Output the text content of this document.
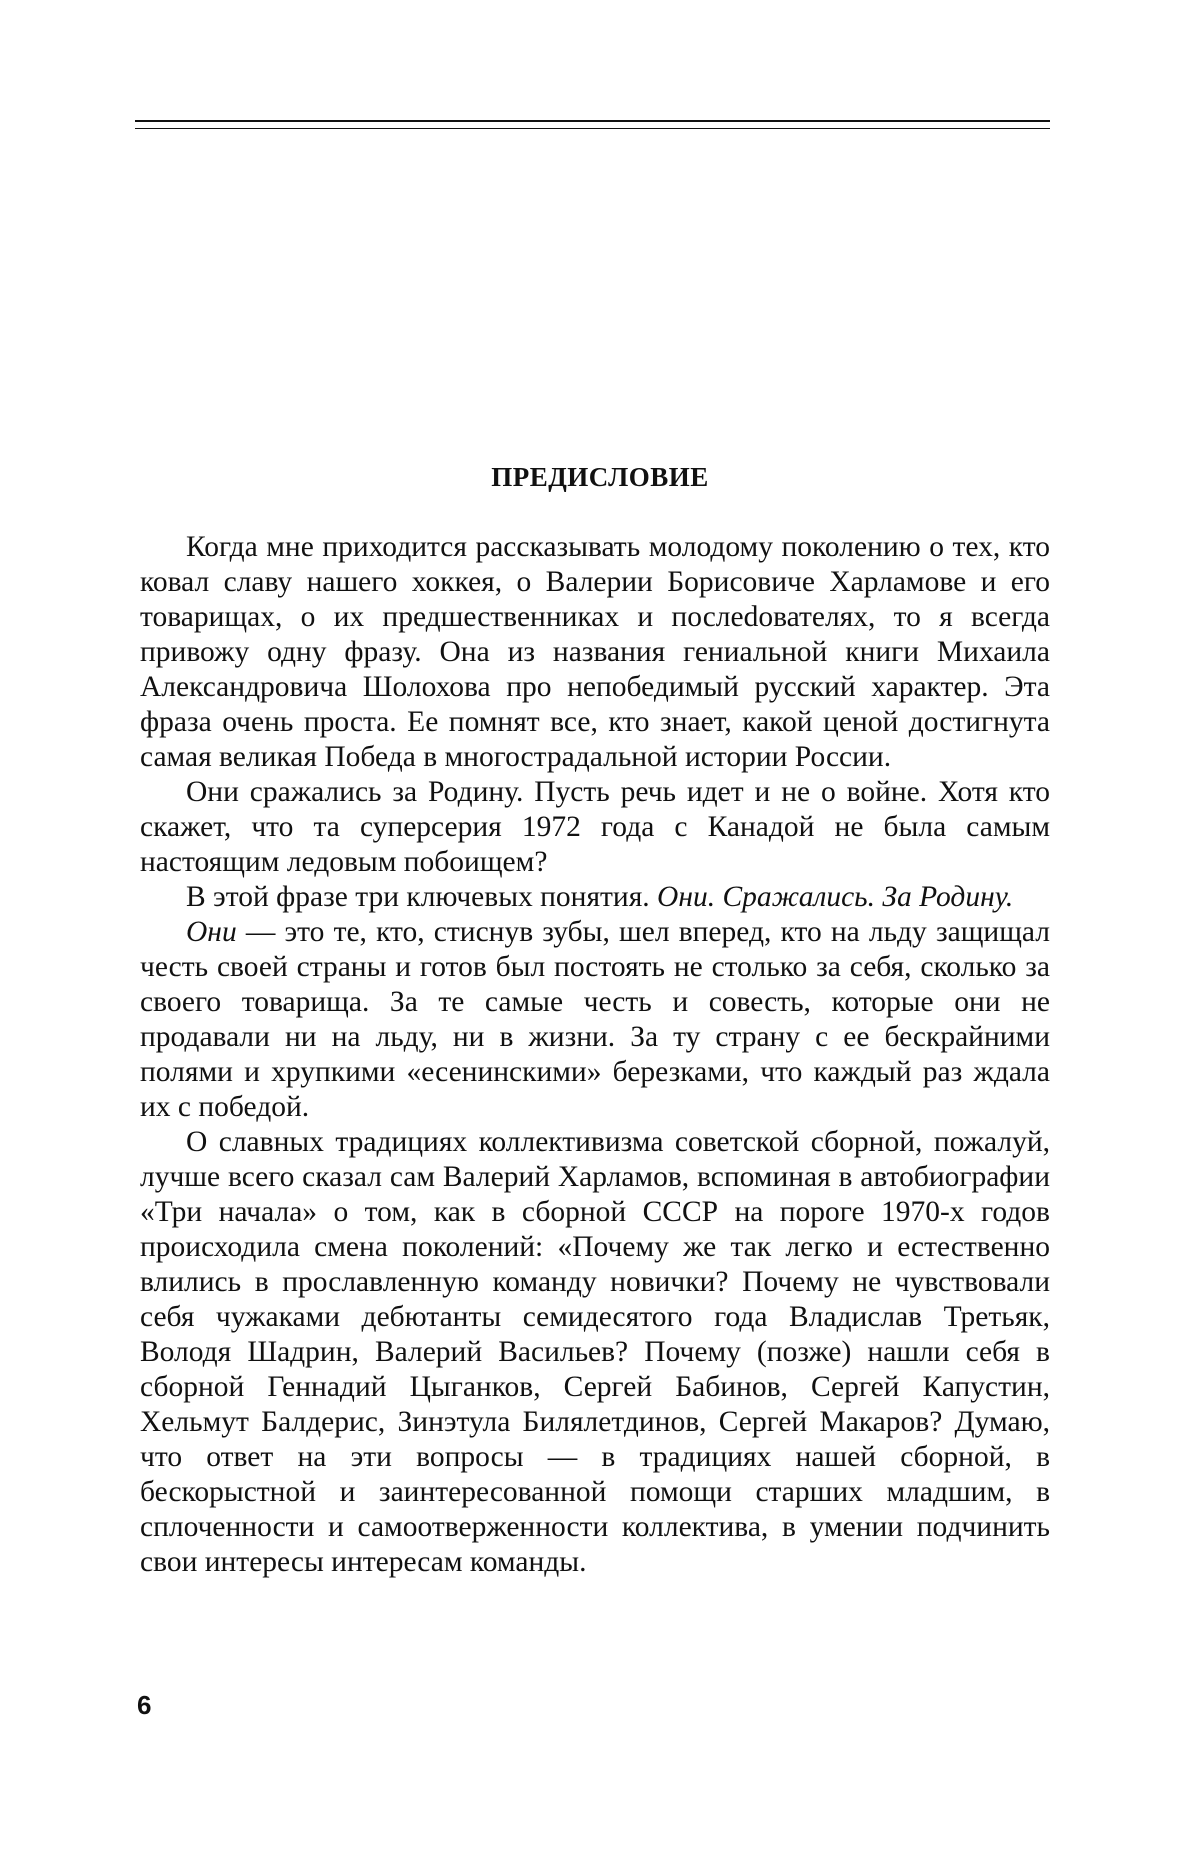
ПРЕДИСЛОВИЕ

Когда мне приходится рассказывать молодому поколению о тех, кто ковал славу нашего хоккея, о Валерии Борисовиче Харламове и его товарищах, о их предшественниках и послеdователях, то я всегда привожу одну фразу. Она из названия гениальной книги Михаила Александровича Шолохова про непобедимый русский характер. Эта фраза очень проста. Ее помнят все, кто знает, какой ценой достигнута самая великая Победа в многострадальной истории России.

Они сражались за Родину. Пусть речь идет и не о войне. Хотя кто скажет, что та суперсерия 1972 года с Канадой не была самым настоящим ледовым побоищем?

В этой фразе три ключевых понятия. Они. Сражались. За Родину.

Они — это те, кто, стиснув зубы, шел вперед, кто на льду защищал честь своей страны и готов был постоять не столько за себя, сколько за своего товарища. За те самые честь и совесть, которые они не продавали ни на льду, ни в жизни. За ту страну с ее бескрайними полями и хрупкими «есенинскими» березками, что каждый раз ждала их с победой.

О славных традициях коллективизма советской сборной, пожалуй, лучше всего сказал сам Валерий Харламов, вспоминая в автобиографии «Три начала» о том, как в сборной СССР на пороге 1970-х годов происходила смена поколений: «Почему же так легко и естественно влились в прославленную команду новички? Почему не чувствовали себя чужаками дебютанты семидесятого года Владислав Третьяк, Володя Шадрин, Валерий Васильев? Почему (позже) нашли себя в сборной Геннадий Цыганков, Сергей Бабинов, Сергей Капустин, Хельмут Балдерис, Зинэтула Билялетдинов, Сергей Макаров? Думаю, что ответ на эти вопросы — в традициях нашей сборной, в бескорыстной и заинтересованной помощи старших младшим, в сплоченности и самоотверженности коллектива, в умении подчинить свои интересы интересам команды.

6
